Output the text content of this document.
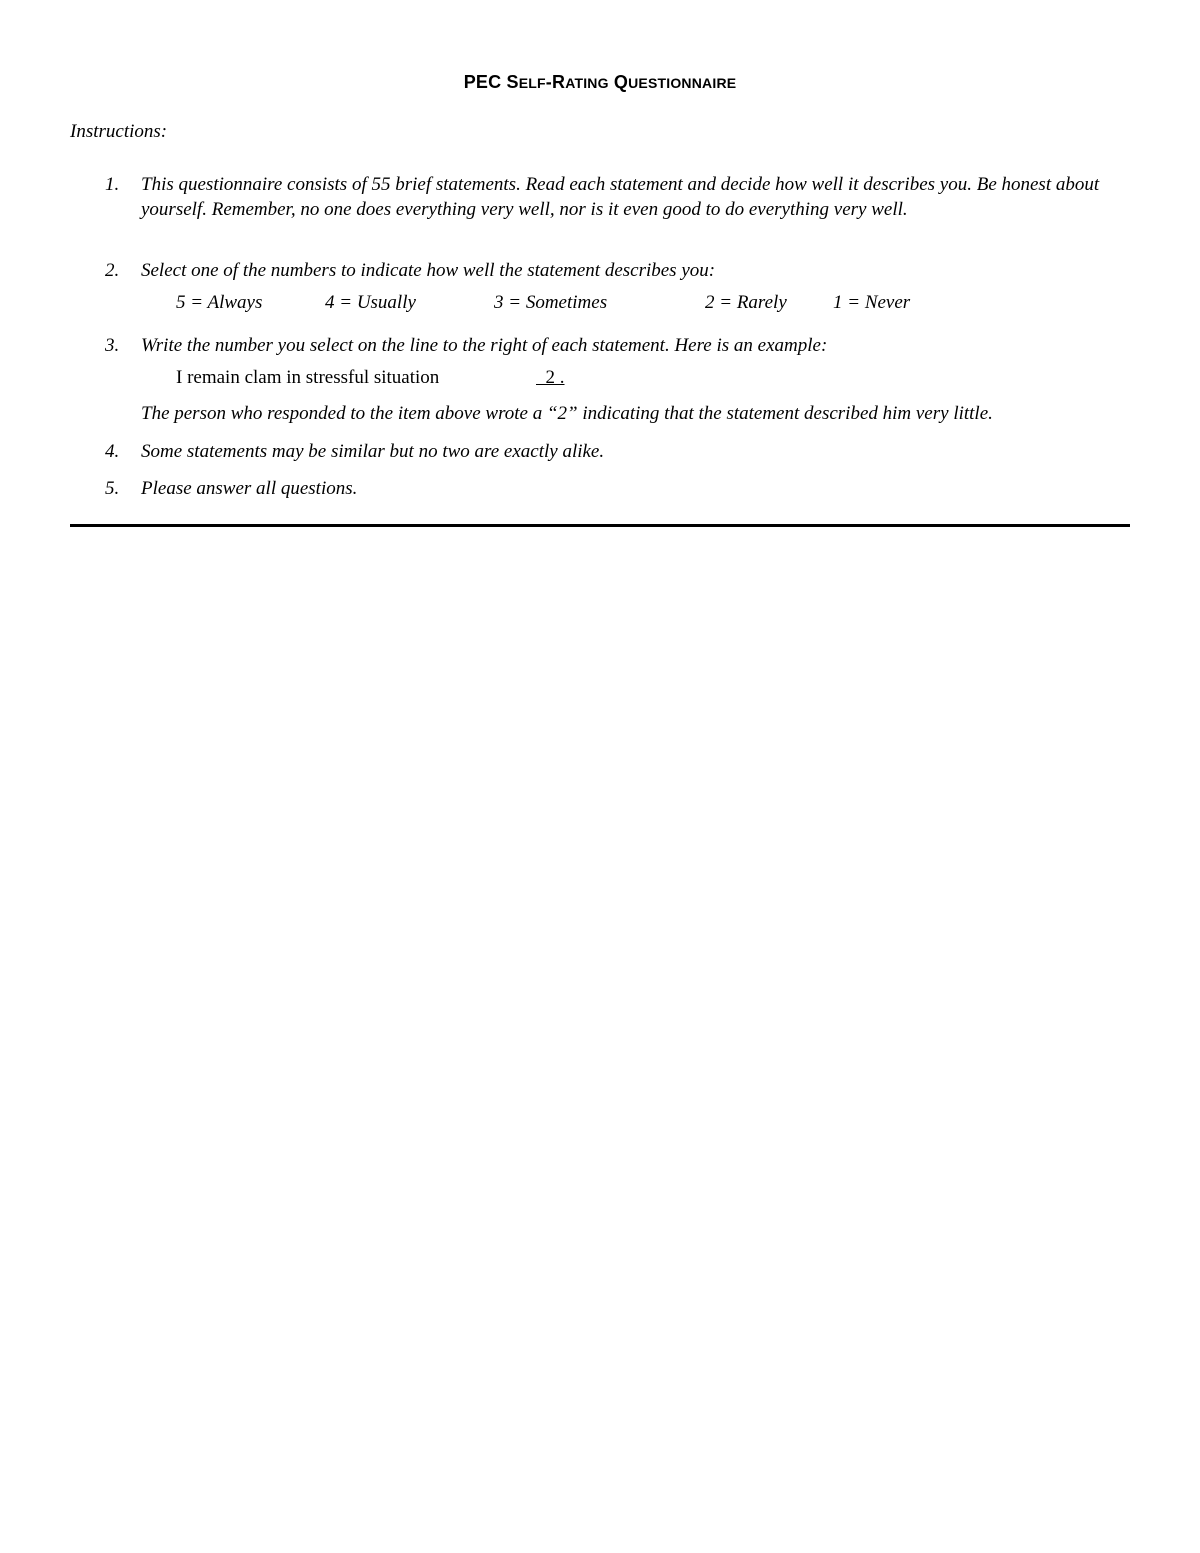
PEC SELF-RATING QUESTIONNAIRE
Instructions:
1. This questionnaire consists of 55 brief statements. Read each statement and decide how well it describes you. Be honest about yourself. Remember, no one does everything very well, nor is it even good to do everything very well.
2. Select one of the numbers to indicate how well the statement describes you:
5 = Always	4 = Usually	3 = Sometimes	2 = Rarely 1 = Never
3. Write the number you select on the line to the right of each statement. Here is an example:
I remain clam in stressful situation	2 .
The person who responded to the item above wrote a “2” indicating that the statement described him very little.
4. Some statements may be similar but no two are exactly alike.
5. Please answer all questions.
